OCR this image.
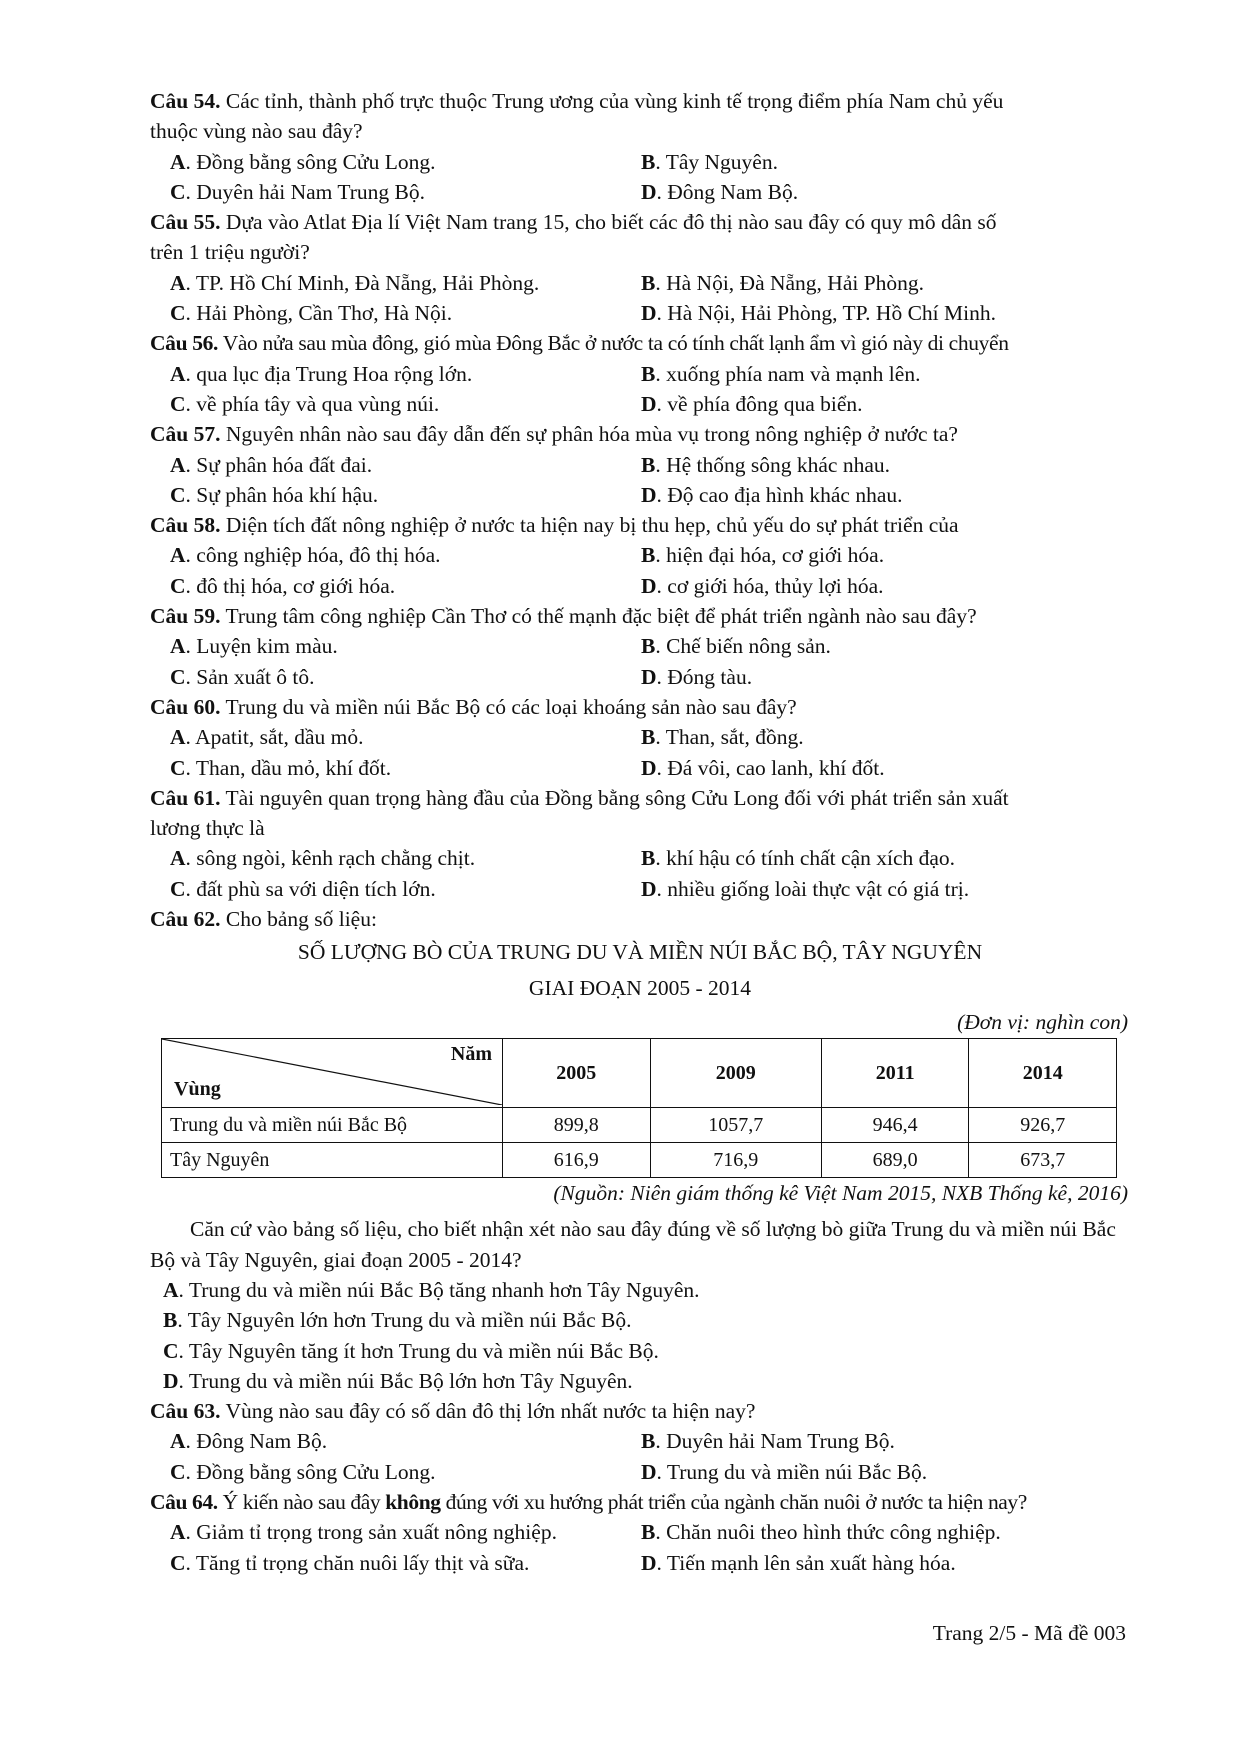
Câu 54. Các tỉnh, thành phố trực thuộc Trung ương của vùng kinh tế trọng điểm phía Nam chủ yếu
thuộc vùng nào sau đây?
A. Đồng bằng sông Cửu Long.	B. Tây Nguyên.
C. Duyên hải Nam Trung Bộ.	D. Đông Nam Bộ.
Câu 55. Dựa vào Atlat Địa lí Việt Nam trang 15, cho biết các đô thị nào sau đây có quy mô dân số
trên 1 triệu người?
A. TP. Hồ Chí Minh, Đà Nẵng, Hải Phòng.	B. Hà Nội, Đà Nẵng, Hải Phòng.
C. Hải Phòng, Cần Thơ, Hà Nội.	D. Hà Nội, Hải Phòng, TP. Hồ Chí Minh.
Câu 56. Vào nửa sau mùa đông, gió mùa Đông Bắc ở nước ta có tính chất lạnh ẩm vì gió này di chuyển
A. qua lục địa Trung Hoa rộng lớn.	B. xuống phía nam và mạnh lên.
C. về phía tây và qua vùng núi.	D. về phía đông qua biển.
Câu 57. Nguyên nhân nào sau đây dẫn đến sự phân hóa mùa vụ trong nông nghiệp ở nước ta?
A. Sự phân hóa đất đai.	B. Hệ thống sông khác nhau.
C. Sự phân hóa khí hậu.	D. Độ cao địa hình khác nhau.
Câu 58. Diện tích đất nông nghiệp ở nước ta hiện nay bị thu hẹp, chủ yếu do sự phát triển của
A. công nghiệp hóa, đô thị hóa.	B. hiện đại hóa, cơ giới hóa.
C. đô thị hóa, cơ giới hóa.	D. cơ giới hóa, thủy lợi hóa.
Câu 59. Trung tâm công nghiệp Cần Thơ có thế mạnh đặc biệt để phát triển ngành nào sau đây?
A. Luyện kim màu.	B. Chế biến nông sản.
C. Sản xuất ô tô.	D. Đóng tàu.
Câu 60. Trung du và miền núi Bắc Bộ có các loại khoáng sản nào sau đây?
A. Apatit, sắt, dầu mỏ.	B. Than, sắt, đồng.
C. Than, dầu mỏ, khí đốt.	D. Đá vôi, cao lanh, khí đốt.
Câu 61. Tài nguyên quan trọng hàng đầu của Đồng bằng sông Cửu Long đối với phát triển sản xuất
lương thực là
A. sông ngòi, kênh rạch chằng chịt.	B. khí hậu có tính chất cận xích đạo.
C. đất phù sa với diện tích lớn.	D. nhiều giống loài thực vật có giá trị.
Câu 62. Cho bảng số liệu:
SỐ LƯỢNG BÒ CỦA TRUNG DU VÀ MIỀN NÚI BẮC BỘ, TÂY NGUYÊN
GIAI ĐOẠN 2005 - 2014
(Đơn vị: nghìn con)
Năm
Vùng	2005	2009	2011	2014
Trung du và miền núi Bắc Bộ	899,8	1057,7	946,4	926,7
Tây Nguyên	616,9	716,9	689,0	673,7
(Nguồn: Niên giám thống kê Việt Nam 2015, NXB Thống kê, 2016)
Căn cứ vào bảng số liệu, cho biết nhận xét nào sau đây đúng về số lượng bò giữa Trung du và miền núi Bắc Bộ và Tây Nguyên, giai đoạn 2005 - 2014?
A. Trung du và miền núi Bắc Bộ tăng nhanh hơn Tây Nguyên.
B. Tây Nguyên lớn hơn Trung du và miền núi Bắc Bộ.
C. Tây Nguyên tăng ít hơn Trung du và miền núi Bắc Bộ.
D. Trung du và miền núi Bắc Bộ lớn hơn Tây Nguyên.
Câu 63. Vùng nào sau đây có số dân đô thị lớn nhất nước ta hiện nay?
A. Đông Nam Bộ.	B. Duyên hải Nam Trung Bộ.
C. Đồng bằng sông Cửu Long.	D. Trung du và miền núi Bắc Bộ.
Câu 64. Ý kiến nào sau đây không đúng với xu hướng phát triển của ngành chăn nuôi ở nước ta hiện nay?
A. Giảm tỉ trọng trong sản xuất nông nghiệp.	B. Chăn nuôi theo hình thức công nghiệp.
C. Tăng tỉ trọng chăn nuôi lấy thịt và sữa.	D. Tiến mạnh lên sản xuất hàng hóa.
Trang 2/5 - Mã đề 003
